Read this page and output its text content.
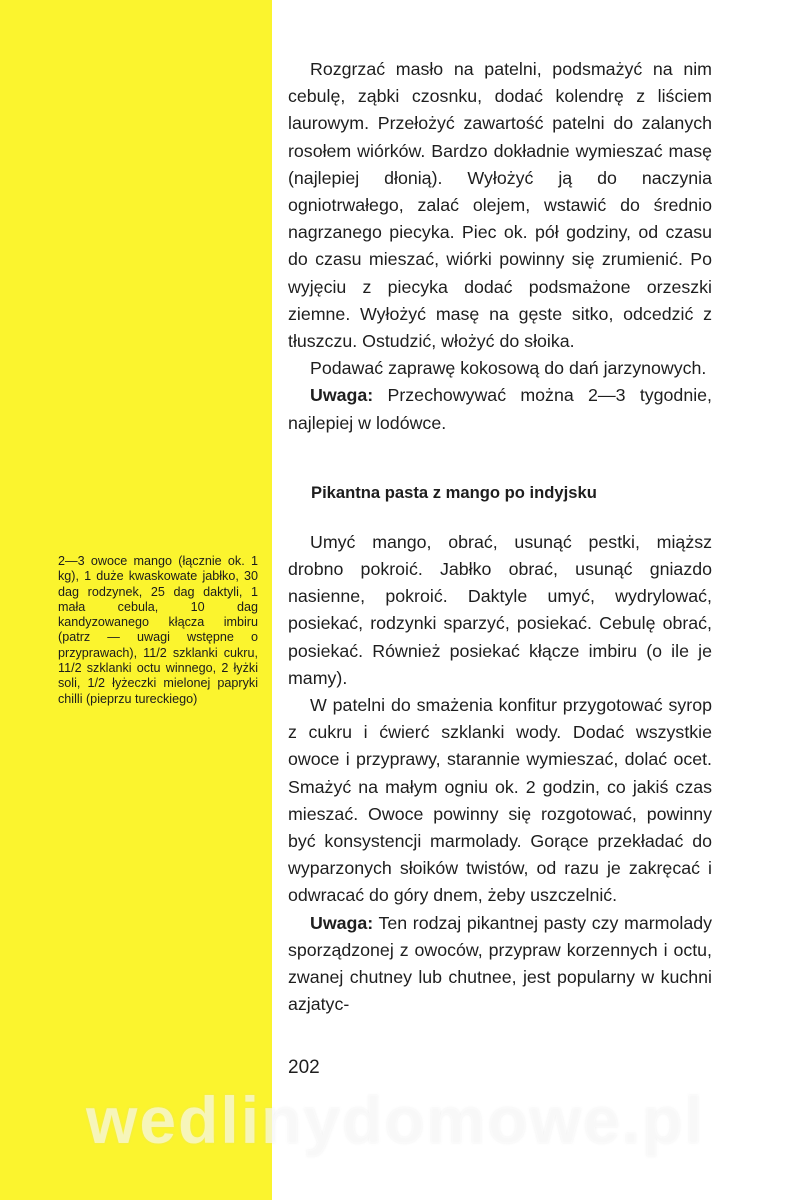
2—3 owoce mango (łącznie ok. 1 kg), 1 duże kwaskowate jabłko, 30 dag rodzynek, 25 dag daktyli, 1 mała cebula, 10 dag kandyzowanego kłącza imbiru (patrz — uwagi wstępne o przyprawach), 11/2 szklanki cukru, 11/2 szklanki octu winnego, 2 łyżki soli, 1/2 łyżeczki mielonej papryki chilli (pieprzu tureckiego)

Rozgrzać masło na patelni, podsmażyć na nim cebulę, ząbki czosnku, dodać kolendrę z liściem laurowym. Przełożyć zawartość patelni do zalanych rosołem wiórków. Bardzo dokładnie wymieszać masę (najlepiej dłonią). Wyłożyć ją do naczynia ogniotrwałego, zalać olejem, wstawić do średnio nagrzanego piecyka. Piec ok. pół godziny, od czasu do czasu mieszać, wiórki powinny się zrumienić. Po wyjęciu z piecyka dodać podsmażone orzeszki ziemne. Wyłożyć masę na gęste sitko, odcedzić z tłuszczu. Ostudzić, włożyć do słoika.

Podawać zaprawę kokosową do dań jarzynowych.

Uwaga: Przechowywać można 2—3 tygodnie, najlepiej w lodówce.

Pikantna pasta z mango po indyjsku

Umyć mango, obrać, usunąć pestki, miąższ drobno pokroić. Jabłko obrać, usunąć gniazdo nasienne, pokroić. Daktyle umyć, wydrylować, posiekać, rodzynki sparzyć, posiekać. Cebulę obrać, posiekać. Również posiekać kłącze imbiru (o ile je mamy).

W patelni do smażenia konfitur przygotować syrop z cukru i ćwierć szklanki wody. Dodać wszystkie owoce i przyprawy, starannie wymieszać, dolać ocet. Smażyć na małym ogniu ok. 2 godzin, co jakiś czas mieszać. Owoce powinny się rozgotować, powinny być konsystencji marmolady. Gorące przekładać do wyparzonych słoików twistów, od razu je zakręcać i odwracać do góry dnem, żeby uszczelnić.

Uwaga: Ten rodzaj pikantnej pasty czy marmolady sporządzonej z owoców, przypraw korzennych i octu, zwanej chutney lub chutnee, jest popularny w kuchni azjatyc-

202
wedlinydomowe.pl
